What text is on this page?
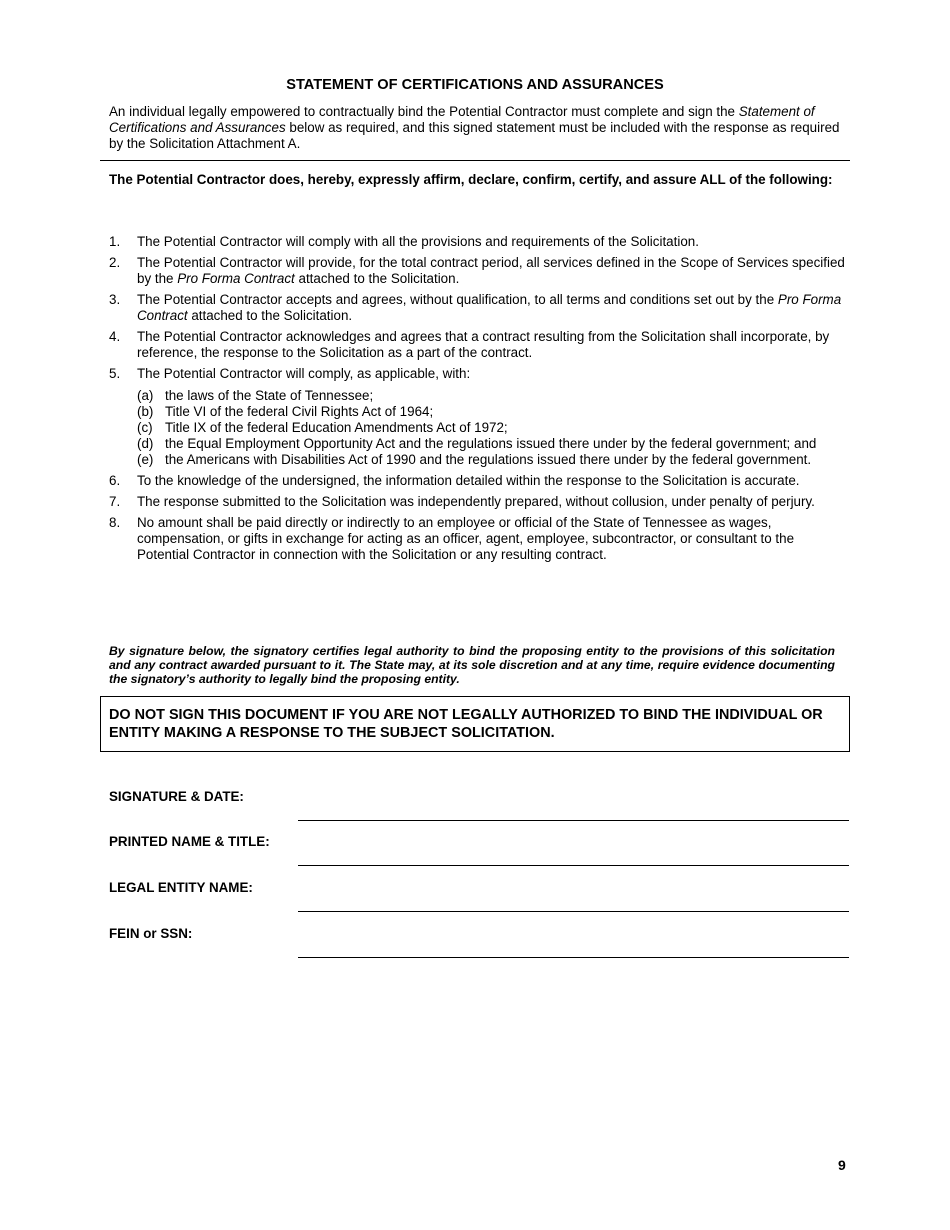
STATEMENT OF CERTIFICATIONS AND ASSURANCES
An individual legally empowered to contractually bind the Potential Contractor must complete and sign the Statement of Certifications and Assurances below as required, and this signed statement must be included with the response as required by the Solicitation Attachment A.
The Potential Contractor does, hereby, expressly affirm, declare, confirm, certify, and assure ALL of the following:
1.	The Potential Contractor will comply with all the provisions and requirements of the Solicitation.
2.	The Potential Contractor will provide, for the total contract period, all services defined in the Scope of Services specified by the Pro Forma Contract attached to the Solicitation.
3.	The Potential Contractor accepts and agrees, without qualification, to all terms and conditions set out by the Pro Forma Contract attached to the Solicitation.
4.	The Potential Contractor acknowledges and agrees that a contract resulting from the Solicitation shall incorporate, by reference, the response to the Solicitation as a part of the contract.
5.	The Potential Contractor will comply, as applicable, with:
(a) the laws of the State of Tennessee;
(b) Title VI of the federal Civil Rights Act of 1964;
(c) Title IX of the federal Education Amendments Act of 1972;
(d) the Equal Employment Opportunity Act and the regulations issued there under by the federal government; and
(e) the Americans with Disabilities Act of 1990 and the regulations issued there under by the federal government.
6.	To the knowledge of the undersigned, the information detailed within the response to the Solicitation is accurate.
7.	The response submitted to the Solicitation was independently prepared, without collusion, under penalty of perjury.
8.	No amount shall be paid directly or indirectly to an employee or official of the State of Tennessee as wages, compensation, or gifts in exchange for acting as an officer, agent, employee, subcontractor, or consultant to the Potential Contractor in connection with the Solicitation or any resulting contract.
By signature below, the signatory certifies legal authority to bind the proposing entity to the provisions of this solicitation and any contract awarded pursuant to it. The State may, at its sole discretion and at any time, require evidence documenting the signatory’s authority to legally bind the proposing entity.
DO NOT SIGN THIS DOCUMENT IF YOU ARE NOT LEGALLY AUTHORIZED TO BIND THE INDIVIDUAL OR ENTITY MAKING A RESPONSE TO THE SUBJECT SOLICITATION.
SIGNATURE & DATE:
PRINTED NAME & TITLE:
LEGAL ENTITY NAME:
FEIN or SSN:
9
